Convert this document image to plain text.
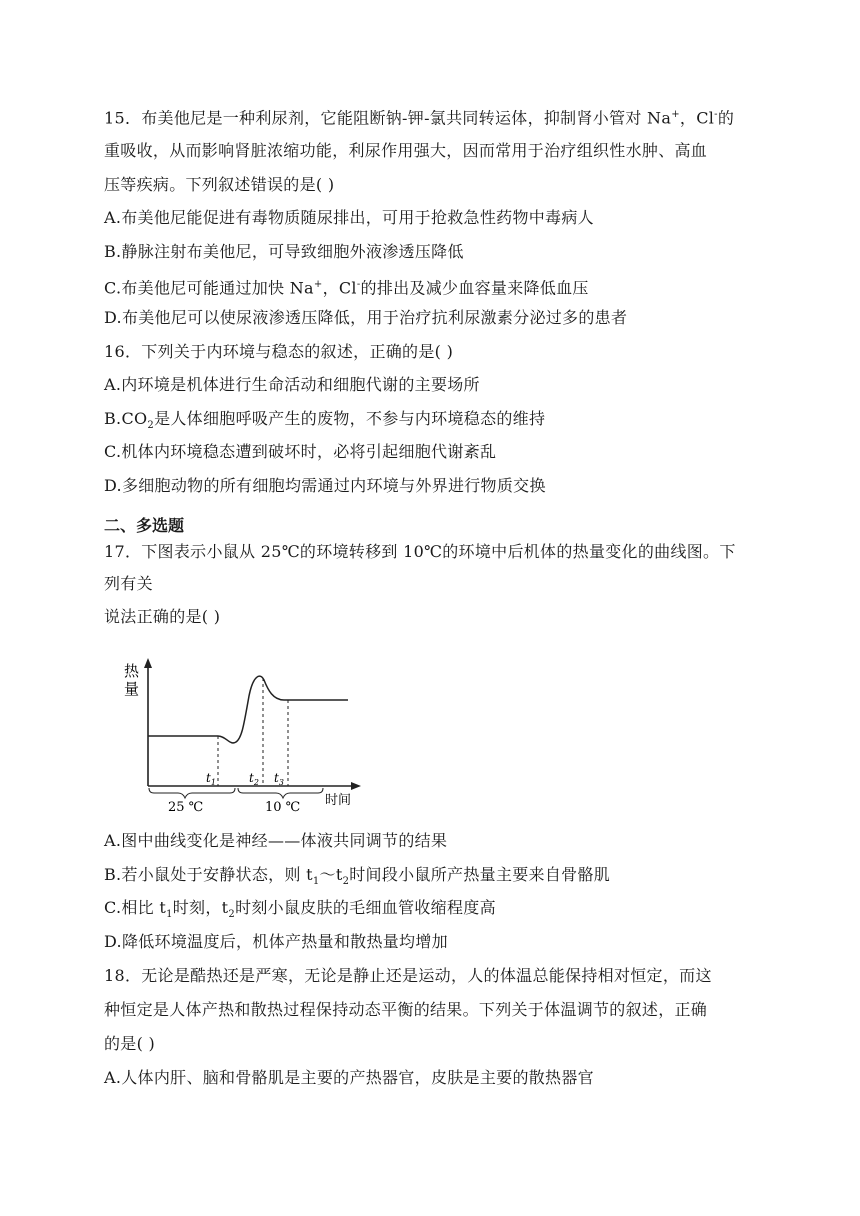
15．布美他尼是一种利尿剂，它能阻断钠-钾-氯共同转运体，抑制肾小管对 Na+，Cl-的
重吸收，从而影响肾脏浓缩功能，利尿作用强大，因而常用于治疗组织性水肿、高血
压等疾病。下列叙述错误的是( )
A.布美他尼能促进有毒物质随尿排出，可用于抢救急性药物中毒病人
B.静脉注射布美他尼，可导致细胞外液渗透压降低
C.布美他尼可能通过加快 Na+，Cl-的排出及减少血容量来降低血压
D.布美他尼可以使尿液渗透压降低，用于治疗抗利尿激素分泌过多的患者
16．下列关于内环境与稳态的叙述，正确的是( )
A.内环境是机体进行生命活动和细胞代谢的主要场所
$B.CO_2$是人体细胞呼吸产生的废物，不参与内环境稳态的维持
C.机体内环境稳态遭到破坏时，必将引起细胞代谢紊乱
D.多细胞动物的所有细胞均需通过内环境与外界进行物质交换
二、多选题
17．下图表示小鼠从 25℃的环境转移到 10℃的环境中后机体的热量变化的曲线图。下
列有关
说法正确的是( )
热
量
$t_1$	$t_2$ $t_3$
25 ℃	10 ℃ 时间
A.图中曲线变化是神经——体液共同调节的结果
B.若小鼠处于安静状态，则 $t_1\sim t_2$时间段小鼠所产热量主要来自骨骼肌
C.相比 $t_1$时刻，$t_2$时刻小鼠皮肤的毛细血管收缩程度高
D.降低环境温度后，机体产热量和散热量均增加
18．无论是酷热还是严寒，无论是静止还是运动，人的体温总能保持相对恒定，而这
种恒定是人体产热和散热过程保持动态平衡的结果。下列关于体温调节的叙述，正确
的是( )
A.人体内肝、脑和骨骼肌是主要的产热器官，皮肤是主要的散热器官
